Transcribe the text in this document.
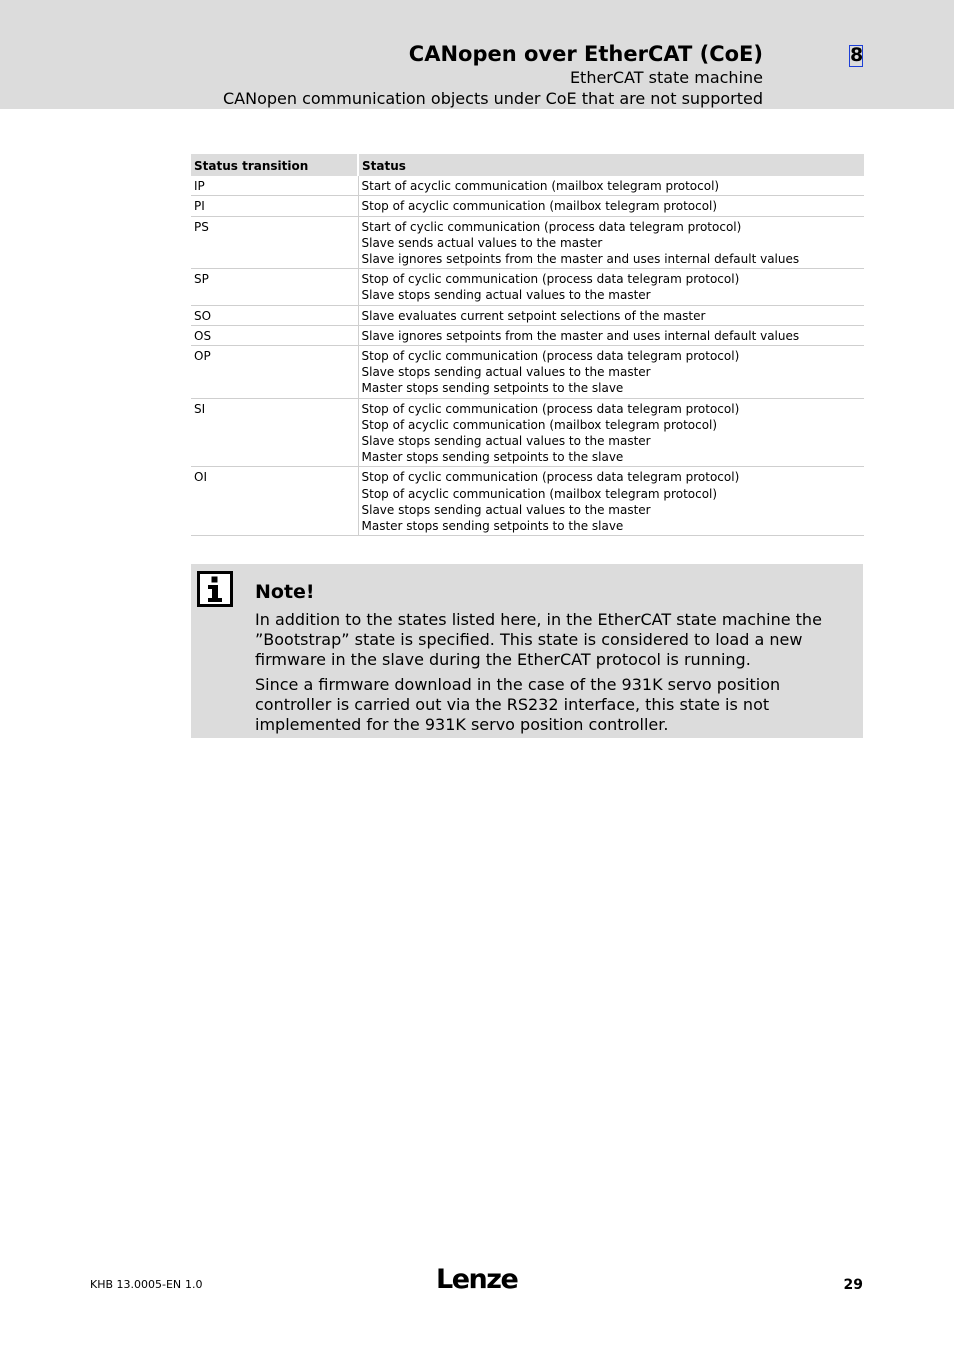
CANopen over EtherCAT (CoE)
EtherCAT state machine
CANopen communication objects under CoE that are not supported
8
Status transition	Status
IP	Start of acyclic communication (mailbox telegram protocol)

PI	Stop of acyclic communication (mailbox telegram protocol)

PS	Start of cyclic communication (process data telegram protocol)
Slave sends actual values to the master
Slave ignores setpoints from the master and uses internal default values

SP	Stop of cyclic communication (process data telegram protocol)
Slave stops sending actual values to the master

SO	Slave evaluates current setpoint selections of the master

OS	Slave ignores setpoints from the master and uses internal default values

OP	Stop of cyclic communication (process data telegram protocol)
Slave stops sending actual values to the master
Master stops sending setpoints to the slave

SI	Stop of cyclic communication (process data telegram protocol)
Stop of acyclic communication (mailbox telegram protocol)
Slave stops sending actual values to the master
Master stops sending setpoints to the slave

OI	Stop of cyclic communication (process data telegram protocol)
Stop of acyclic communication (mailbox telegram protocol)
Slave stops sending actual values to the master
Master stops sending setpoints to the slave
Note!

In addition to the states listed here, in the EtherCAT state machine the ”Bootstrap” state is specified. This state is considered to load a new firmware in the slave during the EtherCAT protocol is running.

Since a firmware download in the case of the 931K servo position controller is carried out via the RS232 interface, this state is not implemented for the 931K servo position controller.

KHB 13.0005-EN 1.0	Lenze	29
